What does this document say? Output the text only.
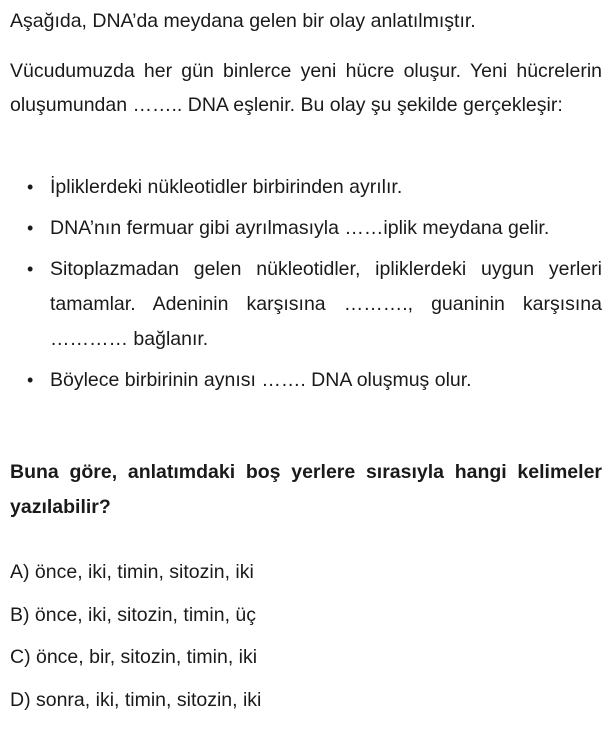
Aşağıda, DNA’da meydana gelen bir olay anlatılmıştır.
Vücudumuzda her gün binlerce yeni hücre oluşur. Yeni hücrelerin oluşumundan …….. DNA eşlenir. Bu olay şu şekilde gerçekleşir:
• İpliklerdeki nükleotidler birbirinden ayrılır.
• DNA’nın fermuar gibi ayrılmasıyla ……iplik meydana gelir.
• Sitoplazmadan gelen nükleotidler, ipliklerdeki uygun yerleri tamamlar. Adeninin karşısına ………., guaninin karşısına ………… bağlanır.
• Böylece birbirinin aynısı ……. DNA oluşmuş olur.
Buna göre, anlatımdaki boş yerlere sırasıyla hangi kelimeler yazılabilir?
A) önce, iki, timin, sitozin, iki
B) önce, iki, sitozin, timin, üç
C) önce, bir, sitozin, timin, iki
D) sonra, iki, timin, sitozin, iki
